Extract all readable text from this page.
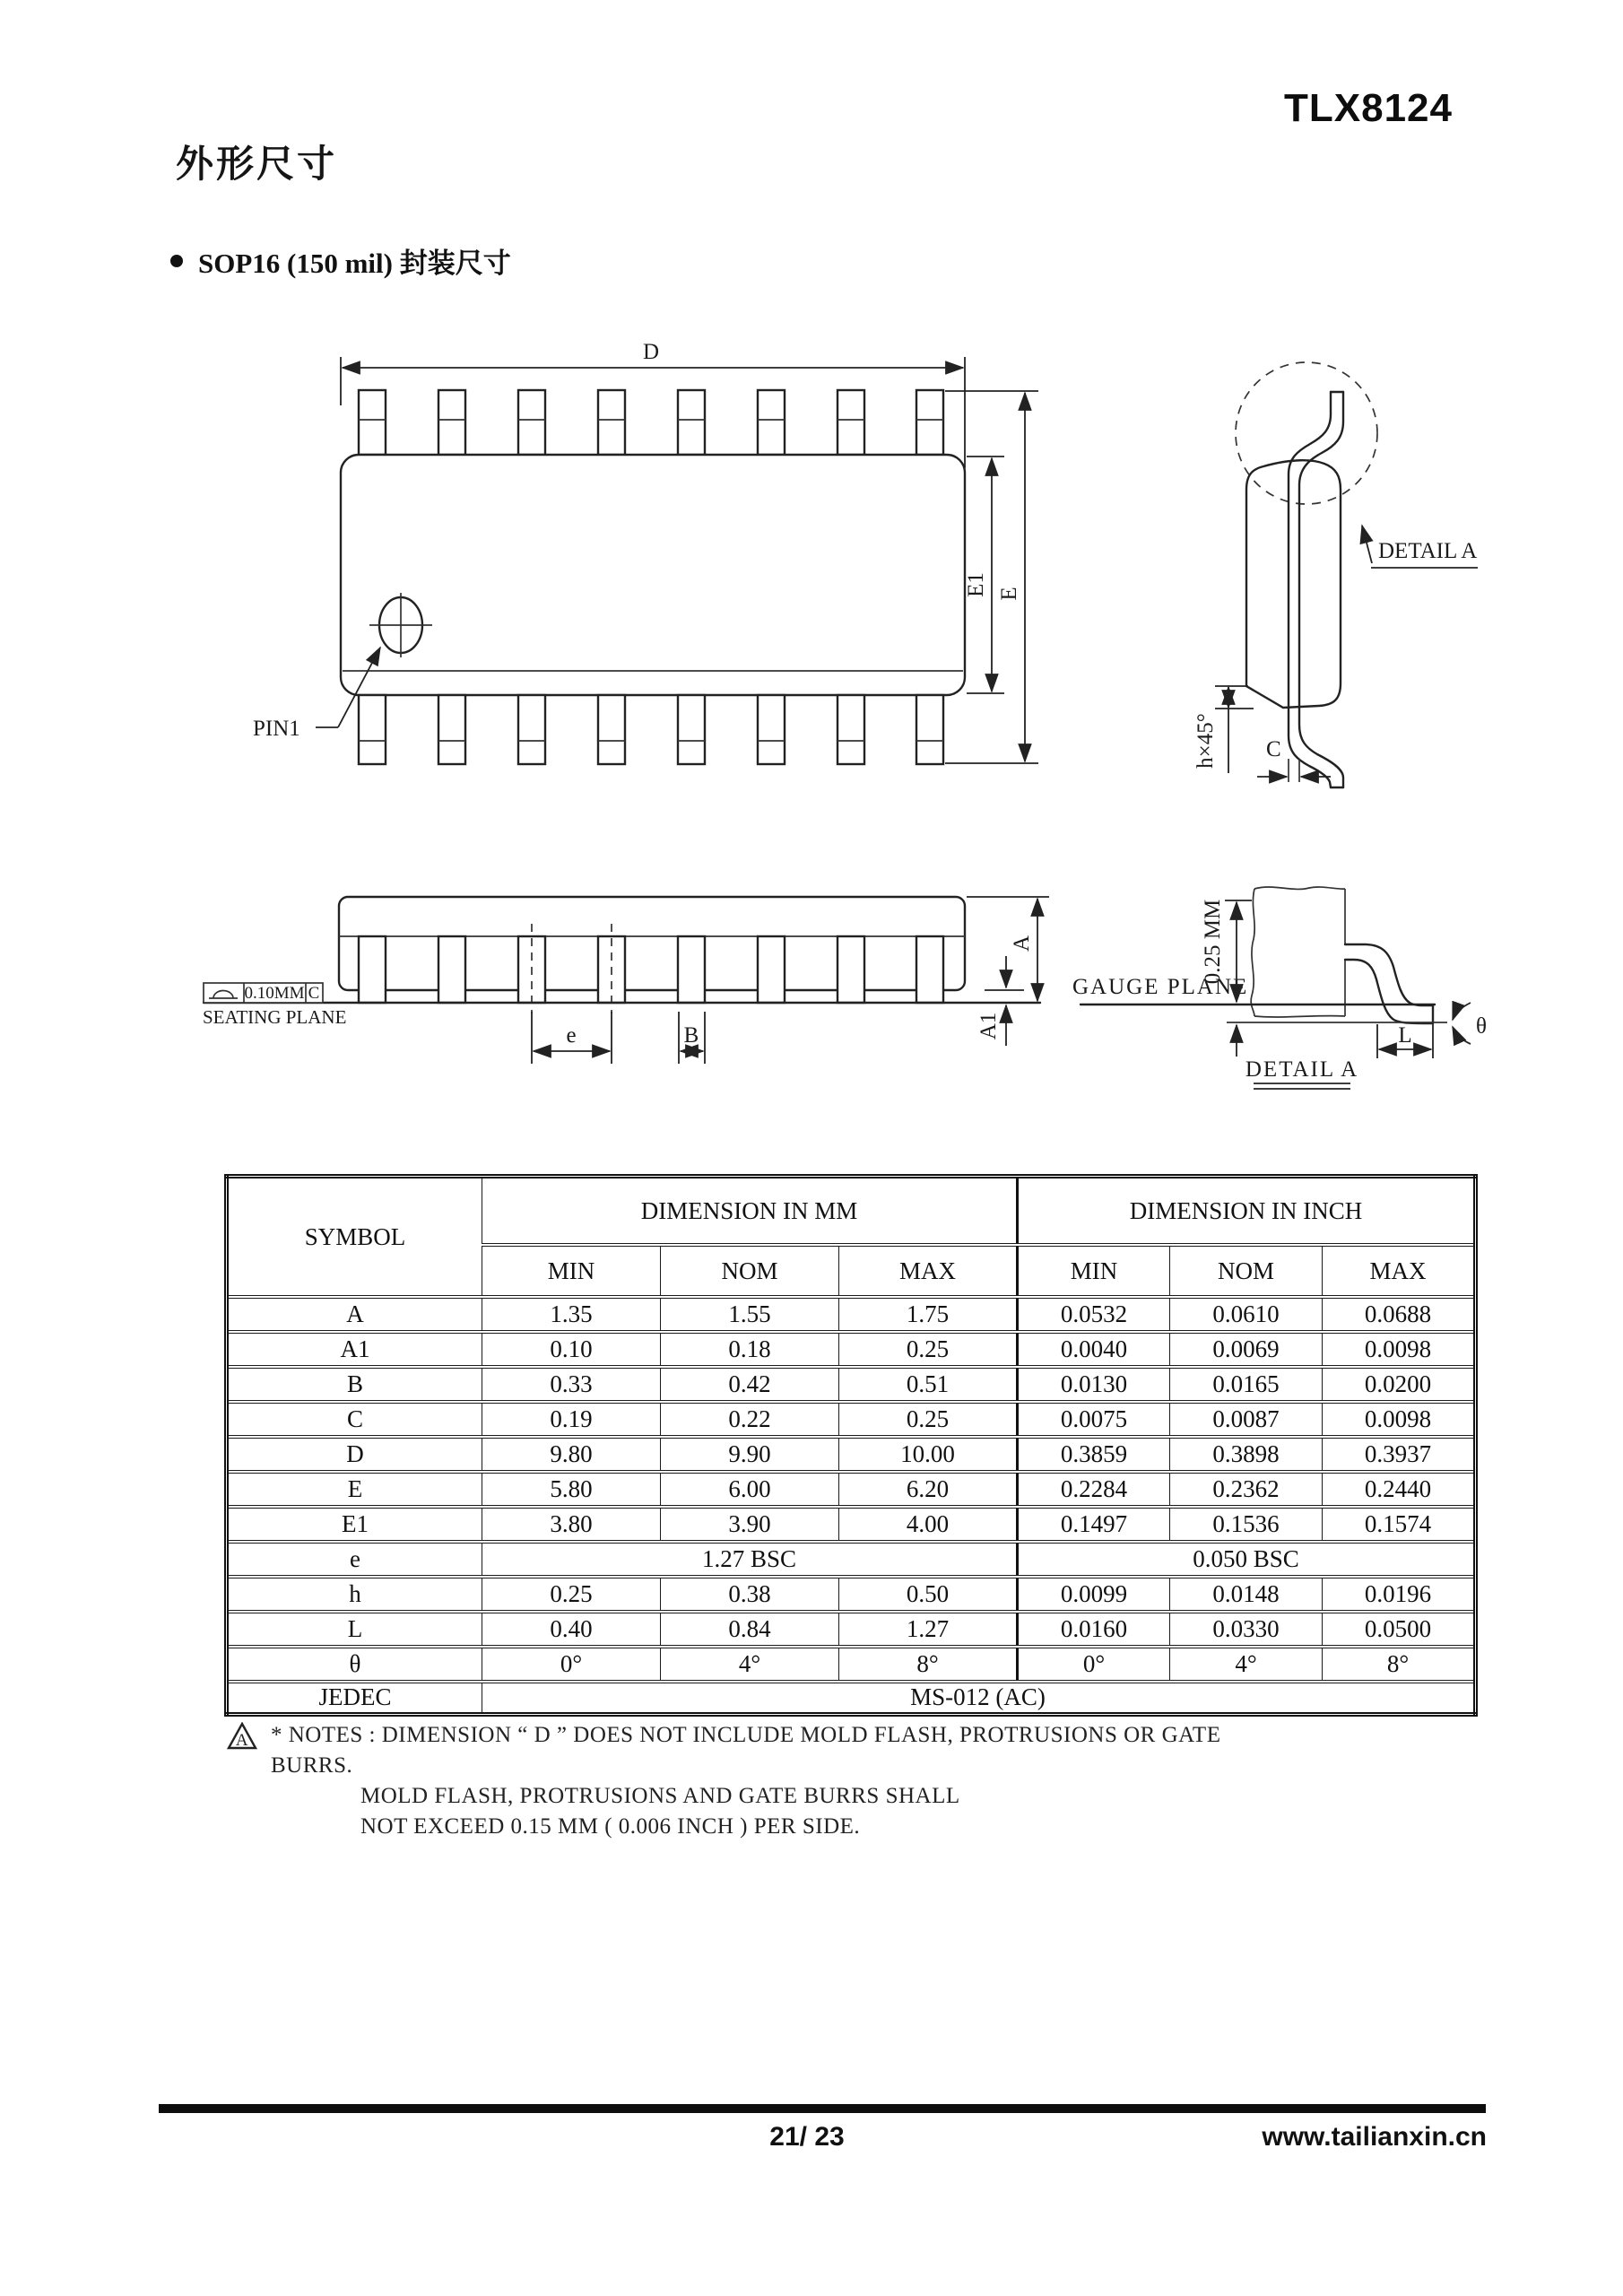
TLX8124
外形尺寸
SOP16 (150 mil) 封装尺寸
D
E1 E
PIN1
0.10MM C
SEATING PLANE
A
A1
e	B
h×45° C
DETAIL A
GAUGE PLANE
0.25 MM
L	θ
DETAIL A
SYMBOL	DIMENSION IN MM			DIMENSION IN INCH		
	MIN	NOM	MAX	MIN	NOM	MAX
A	1.35	1.55	1.75	0.0532	0.0610	0.0688
A1	0.10	0.18	0.25	0.0040	0.0069	0.0098
B	0.33	0.42	0.51	0.0130	0.0165	0.0200
C	0.19	0.22	0.25	0.0075	0.0087	0.0098
D	9.80	9.90	10.00	0.3859	0.3898	0.3937
E	5.80	6.00	6.20	0.2284	0.2362	0.2440
E1	3.80	3.90	4.00	0.1497	0.1536	0.1574
e	1.27 BSC			0.050 BSC		
h	0.25	0.38	0.50	0.0099	0.0148	0.0196
L	0.40	0.84	1.27	0.0160	0.0330	0.0500
θ	0°	4°	8°	0°	4°	8°
JEDEC	MS-012 (AC)					
A * NOTES : DIMENSION “ D ” DOES NOT INCLUDE MOLD FLASH, PROTRUSIONS OR GATE BURRS.
MOLD FLASH, PROTRUSIONS AND GATE BURRS SHALL
NOT EXCEED 0.15 MM ( 0.006 INCH ) PER SIDE.
21/ 23	www.tailianxin.cn
